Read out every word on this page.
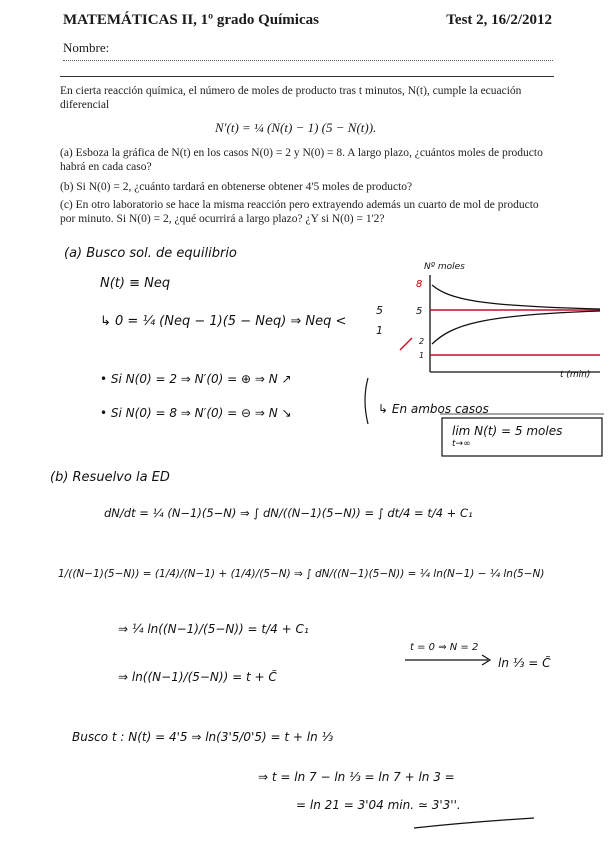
MATEMÁTICAS II, 1º grado Químicas	Test 2, 16/2/2012
Nombre:
En cierta reacción química, el número de moles de producto tras t minutos, N(t), cumple la ecuación diferencial
N′(t) = ¼ (N(t) − 1) (5 − N(t)).
(a) Esboza la gráfica de N(t) en los casos N(0) = 2 y N(0) = 8. A largo plazo, ¿cuántos moles de producto habrá en cada caso?
(b) Si N(0) = 2, ¿cuánto tardará en obtenerse obtener 4'5 moles de producto?
(c) En otro laboratorio se hace la misma reacción pero extrayendo además un cuarto de mol de producto por minuto. Si N(0) = 2, ¿qué ocurrirá a largo plazo? ¿Y si N(0) = 1'2?
(a) Busco sol. de equilibrio
N(t) ≡ Neq
↳ 0 = ¼ (Neq − 1)(5 − Neq) ⇒ Neq <
5
1
• Si N(0) = 2 ⇒ N′(0) = ⊕ ⇒ N ↗
• Si N(0) = 8 ⇒ N′(0) = ⊖ ⇒ N ↘	↳ En ambos casos
lim N(t) = 5 moles
t→∞
Nº moles
t (min)
8
5
2
1
(b) Resuelvo la ED
dN/dt = ¼ (N−1)(5−N) ⇒ ∫ dN/((N−1)(5−N)) = ∫ dt/4 = t/4 + C₁
1/((N−1)(5−N)) = (1/4)/(N−1) + (1/4)/(5−N) ⇒ ∫ dN/((N−1)(5−N)) = ¼ ln(N−1) − ¼ ln(5−N)
⇒ ¼ ln((N−1)/(5−N)) = t/4 + C₁
⇒ ln((N−1)/(5−N)) = t + C̃
t = 0 ⇒ N = 2
ln ⅓ = C̃
Busco t : N(t) = 4'5 ⇒ ln(3'5/0'5) = t + ln ⅓
⇒ t = ln 7 − ln ⅓ = ln 7 + ln 3 =
= ln 21 = 3'04 min. ≃ 3'3''.
